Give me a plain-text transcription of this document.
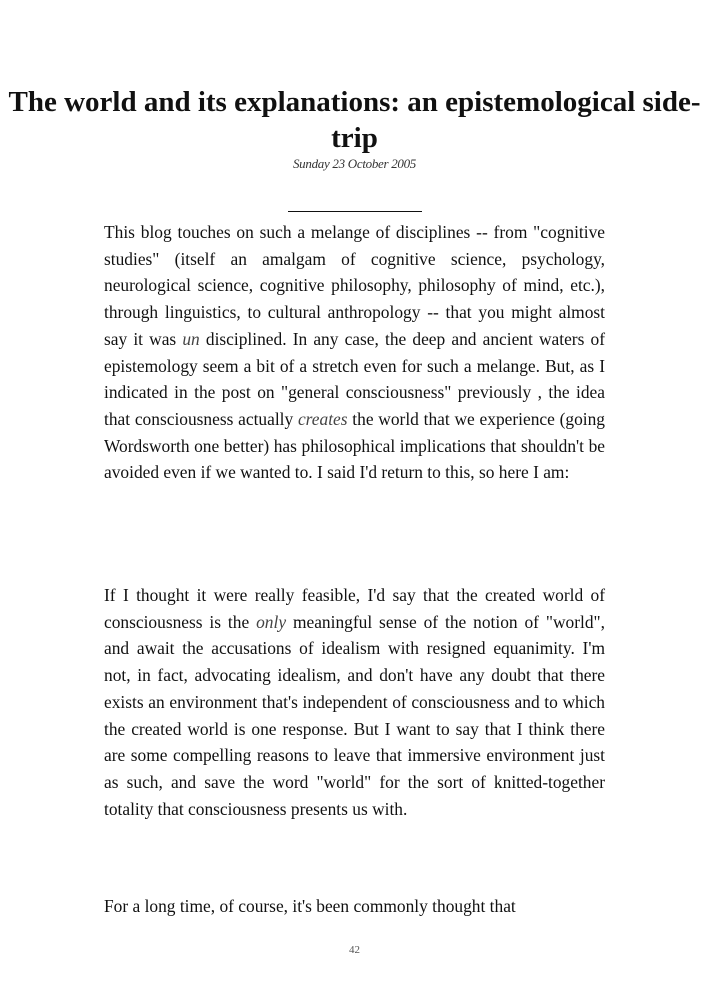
The world and its explanations: an epistemological side-trip
Sunday 23 October 2005

This blog touches on such a melange of disciplines -- from "cognitive studies" (itself an amalgam of cognitive science, psychology, neurological science, cognitive philosophy, philosophy of mind, etc.), through linguistics, to cultural anthropology -- that you might almost say it was un disciplined. In any case, the deep and ancient waters of epistemology seem a bit of a stretch even for such a melange. But, as I indicated in the post on "general consciousness" previously , the idea that consciousness actually creates the world that we experience (going Wordsworth one better) has philosophical implications that shouldn't be avoided even if we wanted to. I said I'd return to this, so here I am:

If I thought it were really feasible, I'd say that the created world of consciousness is the only meaningful sense of the notion of "world", and await the accusations of idealism with resigned equanimity. I'm not, in fact, advocating idealism, and don't have any doubt that there exists an environment that's independent of consciousness and to which the created world is one response. But I want to say that I think there are some compelling reasons to leave that immersive environment just as such, and save the word "world" for the sort of knitted-together totality that consciousness presents us with.

For a long time, of course, it's been commonly thought that

42
